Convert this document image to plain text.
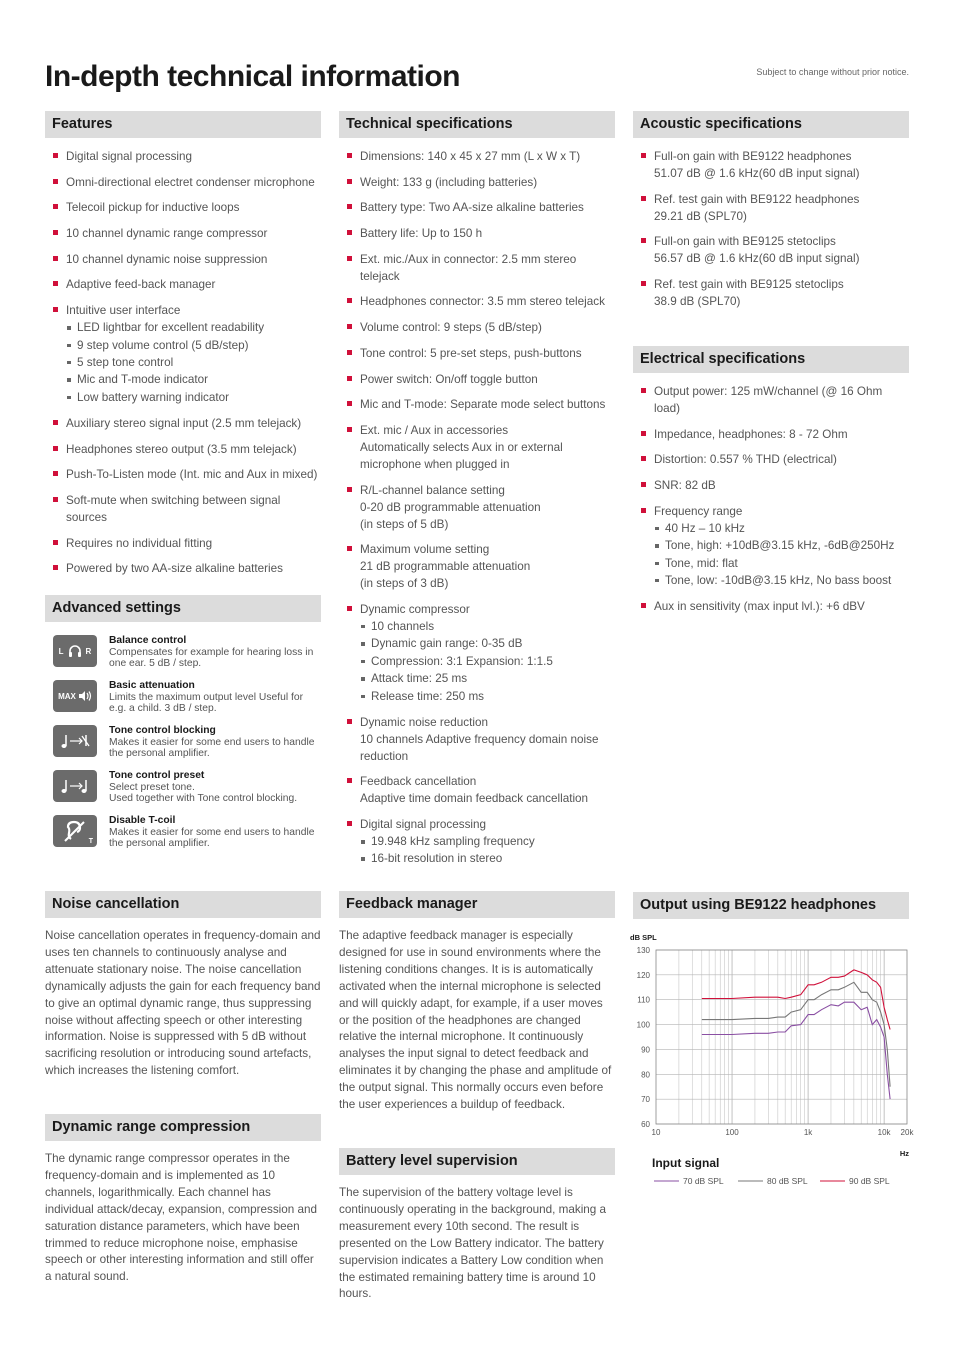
In-depth technical information	Subject to change without prior notice.
Features
Digital signal processing
Omni-directional electret condenser microphone
Telecoil pickup for inductive loops
10 channel dynamic range compressor
10 channel dynamic noise suppression
Adaptive feed-back manager
Intuitive user interface
LED lightbar for excellent readability
9 step volume control (5 dB/step)
5 step tone control
Mic and T-mode indicator
Low battery warning indicator
Auxiliary stereo signal input (2.5 mm telejack)
Headphones stereo output (3.5 mm telejack)
Push-To-Listen mode (Int. mic and Aux in mixed)
Soft-mute when switching between signal sources
Requires no individual fitting
Powered by two AA-size alkaline batteries
Advanced settings
L	R
Balance control
Compensates for example for hearing loss in one ear. 5 dB / step.
MAX
Basic attenuation
Limits the maximum output level Useful for e.g. a child. 3 dB / step.
Tone control blocking
Makes it easier for some end users to handle the personal amplifier.
Tone control preset
Select preset tone.
Used together with Tone control blocking.
T
Disable T-coil
Makes it easier for some end users to handle the personal amplifier.
Technical specifications
Dimensions: 140 x 45 x 27 mm (L x W x T)
Weight: 133 g (including batteries)
Battery type: Two AA-size alkaline batteries
Battery life: Up to 150 h
Ext. mic./Aux in connector: 2.5 mm stereo telejack
Headphones connector: 3.5 mm stereo telejack
Volume control: 9 steps (5 dB/step)
Tone control: 5 pre-set steps, push-buttons
Power switch: On/off toggle button
Mic and T-mode: Separate mode select buttons
Ext. mic / Aux in accessories
Automatically selects Aux in or external microphone when plugged in
R/L-channel balance setting
0-20 dB programmable attenuation
(in steps of 5 dB)
Maximum volume setting
21 dB programmable attenuation
(in steps of 3 dB)
Dynamic compressor
10 channels
Dynamic gain range: 0-35 dB
Compression: 3:1 Expansion: 1:1.5
Attack time: 25 ms
Release time: 250 ms
Dynamic noise reduction
10 channels Adaptive frequency domain noise reduction
Feedback cancellation
Adaptive time domain feedback cancellation
Digital signal processing
19.948 kHz sampling frequency
16-bit resolution in stereo
Acoustic specifications
Full-on gain with BE9122 headphones
51.07 dB @ 1.6 kHz(60 dB input signal)
Ref. test gain with BE9122 headphones
29.21 dB (SPL70)
Full-on gain with BE9125 stetoclips
56.57 dB @ 1.6 kHz(60 dB input signal)
Ref. test gain with BE9125 stetoclips
38.9 dB (SPL70)
Electrical specifications
Output power: 125 mW/channel (@ 16 Ohm load)
Impedance, headphones: 8 - 72 Ohm
Distortion: 0.557 % THD (electrical)
SNR: 82 dB
Frequency range
40 Hz – 10 kHz
Tone, high: +10dB@3.15 kHz, -6dB@250Hz
Tone, mid: flat
Tone, low: -10dB@3.15 kHz, No bass boost
Aux in sensitivity (max input lvl.): +6 dBV
Noise cancellation

Noise cancellation operates in frequency-domain and uses ten channels to continuously analyse and attenuate stationary noise. The noise cancellation dynamically adjusts the gain for each frequency band to give an optimal dynamic range, thus suppressing noise without affecting speech or other interesting information. Noise is suppressed with 5 dB without sacrificing resolution or introducing sound artefacts, which increases the listening comfort.

Dynamic range compression

The dynamic range compressor operates in the frequency-domain and is implemented as 10 channels, logarithmically. Each channel has individual attack/decay, expansion, compression and saturation distance parameters, which have been trimmed to reduce microphone noise, emphasise speech or other interesting information and still offer a natural sound.

Feedback manager

The adaptive feedback manager is especially designed for use in sound environments where the listening conditions changes. It is is automatically activated when the internal microphone is selected and will quickly adapt, for example, if a user moves or the position of the headphones are changed relative the internal microphone. It continuously analyses the input signal to detect feedback and eliminates it by changing the phase and amplitude of the output signal. This normally occurs even before the user experiences a buildup of feedback.

Battery level supervision

The supervision of the battery voltage level is continuously operating in the background, making a measurement every 10th second. The result is presented on the Low Battery indicator. The battery supervision indicates a Battery Low condition when the estimated remaining battery time is around 10 hours.

Output using BE9122 headphones
130
120
110
100
90
80
70
60
10	100	1k	10k 20k
dB SPL
Hz
Input signal
70 dB SPL	80 dB SPL	90 dB SPL
